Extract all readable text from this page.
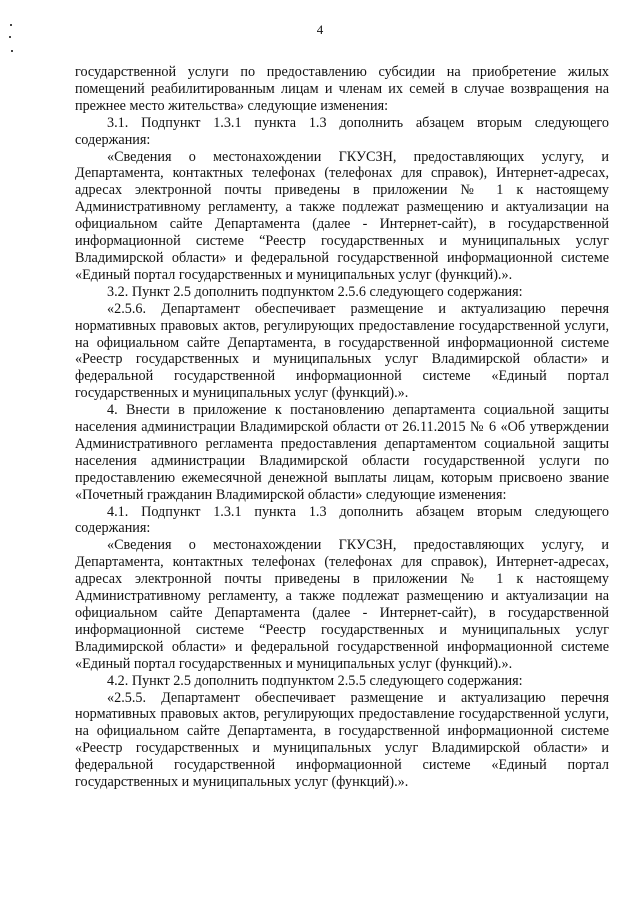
4

государственной услуги по предоставлению субсидии на приобретение жилых помещений реабилитированным лицам и членам их семей в случае возвращения на прежнее место жительства» следующие изменения:

3.1. Подпункт 1.3.1 пункта 1.3 дополнить абзацем вторым следующего содержания:

«Сведения о местонахождении ГКУСЗН, предоставляющих услугу, и Департамента, контактных телефонах (телефонах для справок), Интернет-адресах, адресах электронной почты приведены в приложении № 1 к настоящему Административному регламенту, а также подлежат размещению и актуализации на официальном сайте Департамента (далее - Интернет-сайт), в государственной информационной системе “Реестр государственных и муниципальных услуг Владимирской области» и федеральной государственной информационной системе «Единый портал государственных и муниципальных услуг (функций).».

3.2. Пункт 2.5 дополнить подпунктом 2.5.6 следующего содержания:

«2.5.6. Департамент обеспечивает размещение и актуализацию перечня нормативных правовых актов, регулирующих предоставление государственной услуги, на официальном сайте Департамента, в государственной информационной системе «Реестр государственных и муниципальных услуг Владимирской области» и федеральной государственной информационной системе «Единый портал государственных и муниципальных услуг (функций).».

4. Внести в приложение к постановлению департамента социальной защиты населения администрации Владимирской области от 26.11.2015 № 6 «Об утверждении Административного регламента предоставления департаментом социальной защиты населения администрации Владимирской области государственной услуги по предоставлению ежемесячной денежной выплаты лицам, которым присвоено звание «Почетный гражданин Владимирской области» следующие изменения:

4.1. Подпункт 1.3.1 пункта 1.3 дополнить абзацем вторым следующего содержания:

«Сведения о местонахождении ГКУСЗН, предоставляющих услугу, и Департамента, контактных телефонах (телефонах для справок), Интернет-адресах, адресах электронной почты приведены в приложении № 1 к настоящему Административному регламенту, а также подлежат размещению и актуализации на официальном сайте Департамента (далее - Интернет-сайт), в государственной информационной системе “Реестр государственных и муниципальных услуг Владимирской области» и федеральной государственной информационной системе «Единый портал государственных и муниципальных услуг (функций).».

4.2. Пункт 2.5 дополнить подпунктом 2.5.5 следующего содержания:

«2.5.5. Департамент обеспечивает размещение и актуализацию перечня нормативных правовых актов, регулирующих предоставление государственной услуги, на официальном сайте Департамента, в государственной информационной системе «Реестр государственных и муниципальных услуг Владимирской области» и федеральной государственной информационной системе «Единый портал государственных и муниципальных услуг (функций).».
